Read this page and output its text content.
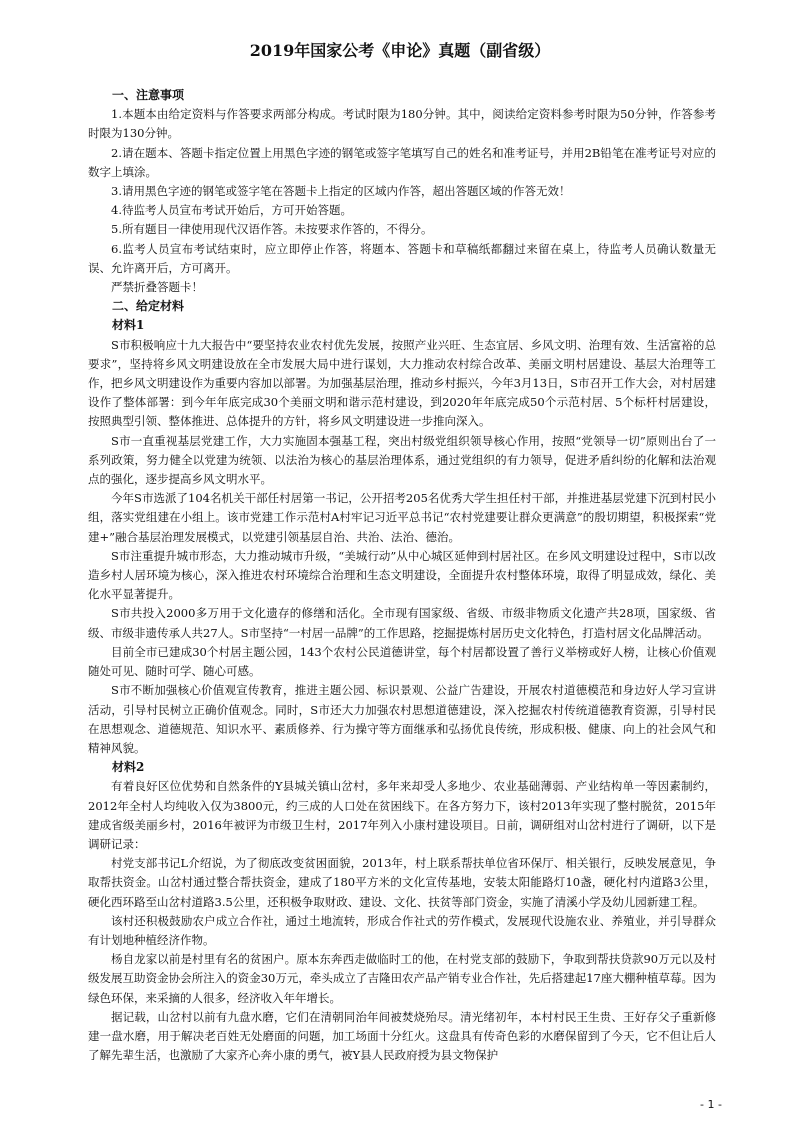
2019年国家公考《申论》真题（副省级）
一、注意事项

1.本题本由给定资料与作答要求两部分构成。考试时限为180分钟。其中，阅读给定资料参考时限为50分钟，作答参考时限为130分钟。

2.请在题本、答题卡指定位置上用黑色字迹的钢笔或签字笔填写自己的姓名和准考证号，并用2B铅笔在准考证号对应的数字上填涂。

3.请用黑色字迹的钢笔或签字笔在答题卡上指定的区域内作答，超出答题区域的作答无效！

4.待监考人员宣布考试开始后，方可开始答题。

5.所有题目一律使用现代汉语作答。未按要求作答的，不得分。

6.监考人员宣布考试结束时，应立即停止作答，将题本、答题卡和草稿纸都翻过来留在桌上，待监考人员确认数量无误、允许离开后，方可离开。

严禁折叠答题卡！

二、给定材料
材料1

S市积极响应十九大报告中“要坚持农业农村优先发展，按照产业兴旺、生态宜居、乡风文明、治理有效、生活富裕的总要求”，坚持将乡风文明建设放在全市发展大局中进行谋划，大力推动农村综合改革、美丽文明村居建设、基层大治理等工作，把乡风文明建设作为重要内容加以部署。为加强基层治理，推动乡村振兴，今年3月13日，S市召开工作大会，对村居建设作了整体部署：到今年年底完成30个美丽文明和谐示范村建设，到2020年年底完成50个示范村居、5个标杆村居建设，按照典型引领、整体推进、总体提升的方针，将乡风文明建设进一步推向深入。

S市一直重视基层党建工作，大力实施固本强基工程，突出村级党组织领导核心作用，按照“党领导一切”原则出台了一系列政策，努力健全以党建为统领、以法治为核心的基层治理体系，通过党组织的有力领导，促进矛盾纠纷的化解和法治观点的强化，逐步提高乡风文明水平。

今年S市选派了104名机关干部任村居第一书记，公开招考205名优秀大学生担任村干部，并推进基层党建下沉到村民小组，落实党组建在小组上。该市党建工作示范村A村牢记习近平总书记“农村党建要让群众更满意”的殷切期望，积极探索“党建+”融合基层治理发展模式，以党建引领基层自治、共治、法治、德治。

S市注重提升城市形态，大力推动城市升级，“美城行动”从中心城区延伸到村居社区。在乡风文明建设过程中，S市以改造乡村人居环境为核心，深入推进农村环境综合治理和生态文明建设，全面提升农村整体环境，取得了明显成效，绿化、美化水平显著提升。

S市共投入2000多万用于文化遗存的修缮和活化。全市现有国家级、省级、市级非物质文化遗产共28项，国家级、省级、市级非遗传承人共27人。S市坚持“一村居一品牌”的工作思路，挖掘提炼村居历史文化特色，打造村居文化品牌活动。

目前全市已建成30个村居主题公园，143个农村公民道德讲堂，每个村居都设置了善行义举榜或好人榜，让核心价值观随处可见、随时可学、随心可感。

S市不断加强核心价值观宣传教育，推进主题公园、标识景观、公益广告建设，开展农村道德模范和身边好人学习宣讲活动，引导村民树立正确价值观念。同时，S市还大力加强农村思想道德建设，深入挖掘农村传统道德教育资源，引导村民在思想观念、道德规范、知识水平、素质修养、行为操守等方面继承和弘扬优良传统，形成积极、健康、向上的社会风气和精神风貌。

材料2

有着良好区位优势和自然条件的Y县城关镇山岔村，多年来却受人多地少、农业基础薄弱、产业结构单一等因素制约，2012年全村人均纯收入仅为3800元，约三成的人口处在贫困线下。在各方努力下，该村2013年实现了整村脱贫，2015年建成省级美丽乡村，2016年被评为市级卫生村，2017年列入小康村建设项目。日前，调研组对山岔村进行了调研，以下是调研记录：

村党支部书记L介绍说，为了彻底改变贫困面貌，2013年，村上联系帮扶单位省环保厅、相关银行，反映发展意见，争取帮扶资金。山岔村通过整合帮扶资金，建成了180平方米的文化宣传基地，安装太阳能路灯10盏，硬化村内道路3公里，硬化西环路至山岔村道路3.5公里，还积极争取财政、建设、文化、扶贫等部门资金，实施了清溪小学及幼儿园新建工程。

该村还积极鼓励农户成立合作社，通过土地流转，形成合作社式的劳作模式，发展现代设施农业、养殖业，并引导群众有计划地种植经济作物。

杨自龙家以前是村里有名的贫困户。原本东奔西走做临时工的他，在村党支部的鼓励下，争取到帮扶贷款90万元以及村级发展互助资金协会所注入的资金30万元，牵头成立了吉隆田农产品产销专业合作社，先后搭建起17座大棚种植草莓。因为绿色环保，来采摘的人很多，经济收入年年增长。

据记载，山岔村以前有九盘水磨，它们在清朝同治年间被焚烧殆尽。清光绪初年，本村村民王生贵、王好存父子重新修建一盘水磨，用于解决老百姓无处磨面的问题，加工场面十分红火。这盘具有传奇色彩的水磨保留到了今天，它不但让后人了解先辈生活，也激励了大家齐心奔小康的勇气，被Y县人民政府授为县文物保护

- 1 -
